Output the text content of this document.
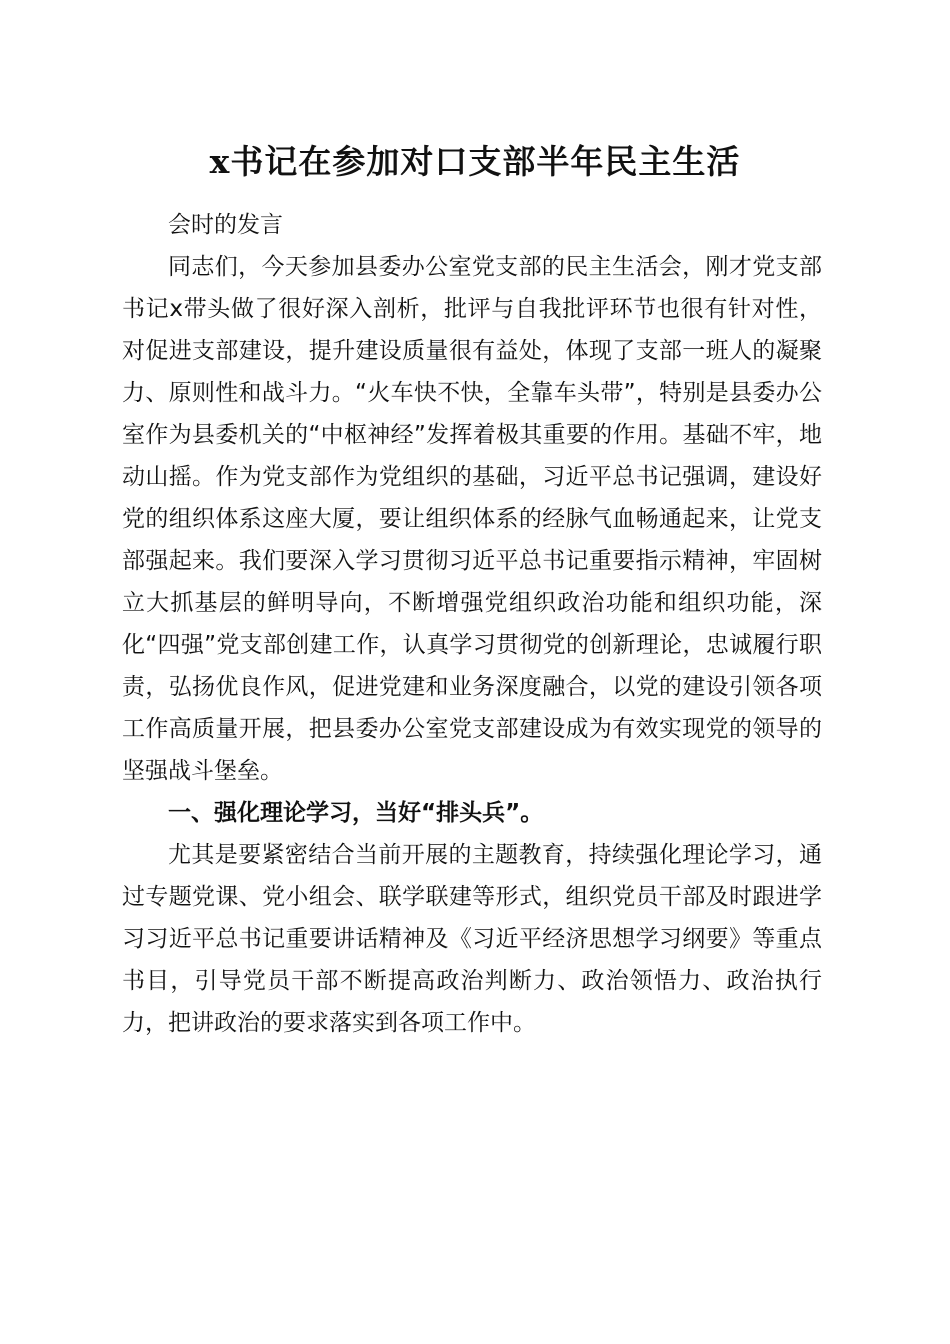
x书记在参加对口支部半年民主生活

会时的发言

同志们，今天参加县委办公室党支部的民主生活会，刚才党支部书记x带头做了很好深入剖析，批评与自我批评环节也很有针对性，对促进支部建设，提升建设质量很有益处，体现了支部一班人的凝聚力、原则性和战斗力。“火车快不快，全靠车头带”，特别是县委办公室作为县委机关的“中枢神经”发挥着极其重要的作用。基础不牢，地动山摇。作为党支部作为党组织的基础，习近平总书记强调，建设好党的组织体系这座大厦，要让组织体系的经脉气血畅通起来，让党支部强起来。我们要深入学习贯彻习近平总书记重要指示精神，牢固树立大抓基层的鲜明导向，不断增强党组织政治功能和组织功能，深化“四强”党支部创建工作，认真学习贯彻党的创新理论，忠诚履行职责，弘扬优良作风，促进党建和业务深度融合，以党的建设引领各项工作高质量开展，把县委办公室党支部建设成为有效实现党的领导的坚强战斗堡垒。

一、强化理论学习，当好“排头兵”。

尤其是要紧密结合当前开展的主题教育，持续强化理论学习，通过专题党课、党小组会、联学联建等形式，组织党员干部及时跟进学习习近平总书记重要讲话精神及《习近平经济思想学习纲要》等重点书目，引导党员干部不断提高政治判断力、政治领悟力、政治执行力，把讲政治的要求落实到各项工作中。
